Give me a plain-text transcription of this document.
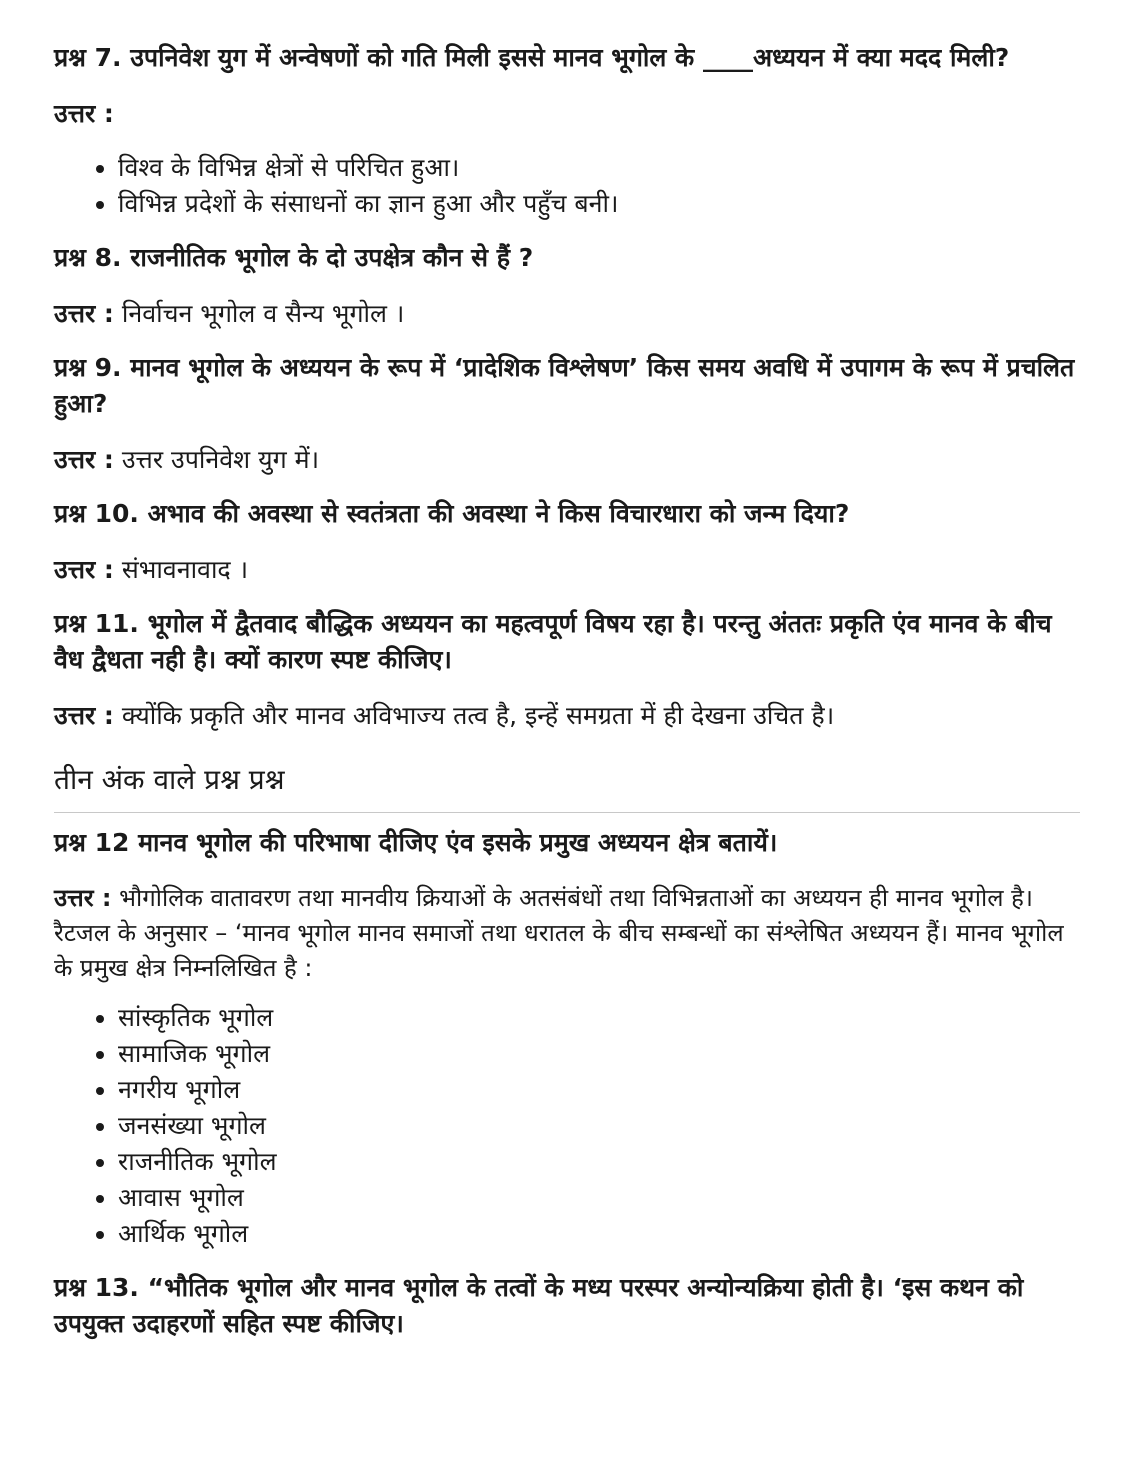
प्रश्न 7. उपनिवेश युग में अन्वेषणों को गति मिली इससे मानव भूगोल के ____अध्ययन में क्या मदद मिली?

उत्तर :

• विश्व के विभिन्न क्षेत्रों से परिचित हुआ।
• विभिन्न प्रदेशों के संसाधनों का ज्ञान हुआ और पहुँच बनी।

प्रश्न 8. राजनीतिक भूगोल के दो उपक्षेत्र कौन से हैं ?

उत्तर : निर्वाचन भूगोल व सैन्य भूगोल ।

प्रश्न 9. मानव भूगोल के अध्ययन के रूप में ‘प्रादेशिक विश्लेषण’ किस समय अवधि में उपागम के रूप में प्रचलित हुआ?

उत्तर : उत्तर उपनिवेश युग में।

प्रश्न 10. अभाव की अवस्था से स्वतंत्रता की अवस्था ने किस विचारधारा को जन्म दिया?

उत्तर : संभावनावाद ।

प्रश्न 11. भूगोल में द्वैतवाद बौद्धिक अध्ययन का महत्वपूर्ण विषय रहा है। परन्तु अंततः प्रकृति एंव मानव के बीच वैध द्वैधता नही है। क्यों कारण स्पष्ट कीजिए।

उत्तर : क्योंकि प्रकृति और मानव अविभाज्य तत्व है, इन्हें समग्रता में ही देखना उचित है।

तीन अंक वाले प्रश्न प्रश्न

प्रश्न 12 मानव भूगोल की परिभाषा दीजिए एंव इसके प्रमुख अध्ययन क्षेत्र बतायें।

उत्तर : भौगोलिक वातावरण तथा मानवीय क्रियाओं के अतसंबंधों तथा विभिन्नताओं का अध्ययन ही मानव भूगोल है। रैटजल के अनुसार – ‘मानव भूगोल मानव समाजों तथा धरातल के बीच सम्बन्धों का संश्लेषित अध्ययन हैं। मानव भूगोल के प्रमुख क्षेत्र निम्नलिखित है :

• सांस्कृतिक भूगोल
• सामाजिक भूगोल
• नगरीय भूगोल
• जनसंख्या भूगोल
• राजनीतिक भूगोल
• आवास भूगोल
• आर्थिक भूगोल

प्रश्न 13. “भौतिक भूगोल और मानव भूगोल के तत्वों के मध्य परस्पर अन्योन्यक्रिया होती है। ‘इस कथन को उपयुक्त उदाहरणों सहित स्पष्ट कीजिए।
